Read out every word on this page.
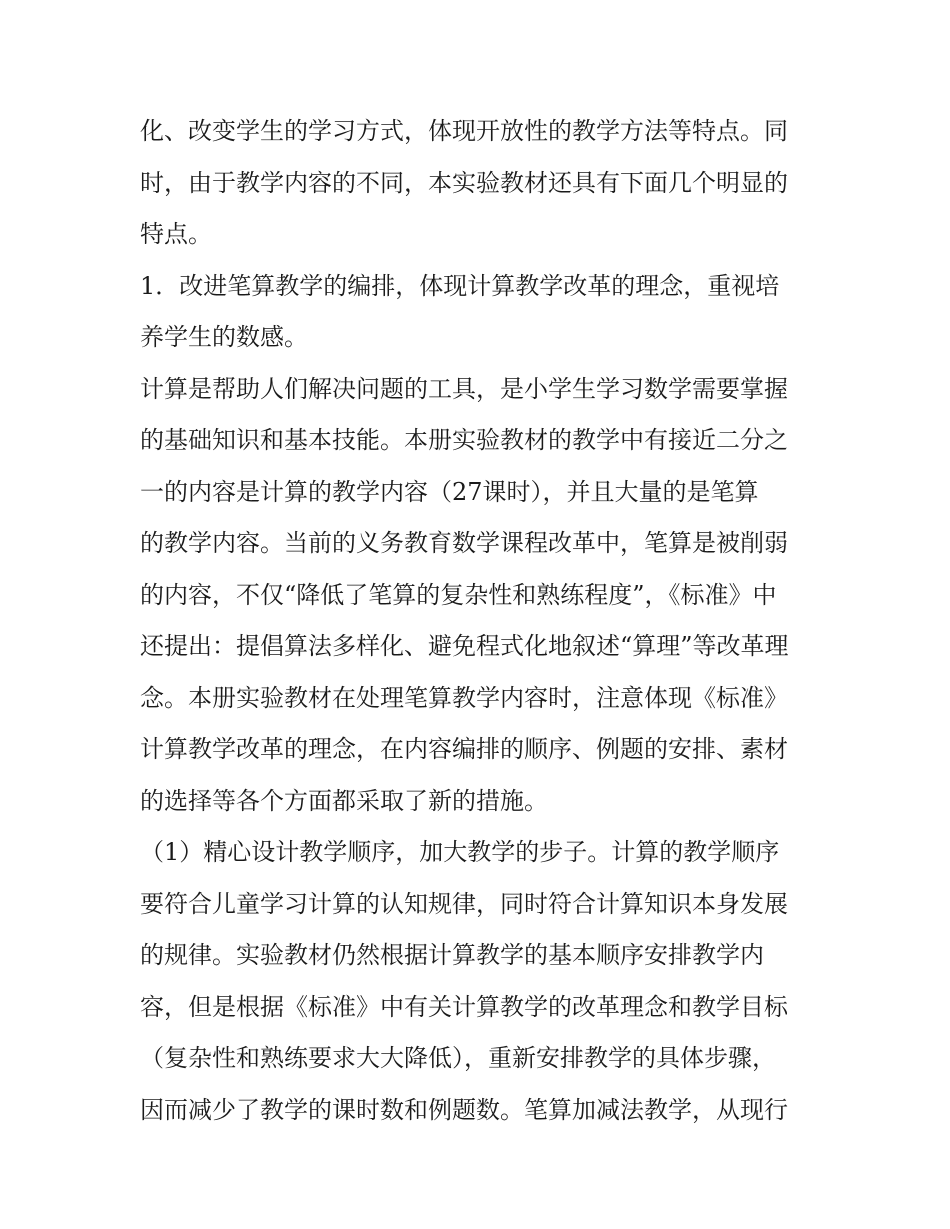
化、改变学生的学习方式，体现开放性的教学方法等特点。同
时，由于教学内容的不同，本实验教材还具有下面几个明显的
特点。
1．改进笔算教学的编排，体现计算教学改革的理念，重视培
养学生的数感。
计算是帮助人们解决问题的工具，是小学生学习数学需要掌握
的基础知识和基本技能。本册实验教材的教学中有接近二分之
一的内容是计算的教学内容（27课时），并且大量的是笔算
的教学内容。当前的义务教育数学课程改革中，笔算是被削弱
的内容，不仅“降低了笔算的复杂性和熟练程度”，《标准》中
还提出：提倡算法多样化、避免程式化地叙述“算理”等改革理
念。本册实验教材在处理笔算教学内容时，注意体现《标准》
计算教学改革的理念，在内容编排的顺序、例题的安排、素材
的选择等各个方面都采取了新的措施。
（1）精心设计教学顺序，加大教学的步子。计算的教学顺序
要符合儿童学习计算的认知规律，同时符合计算知识本身发展
的规律。实验教材仍然根据计算教学的基本顺序安排教学内
容，但是根据《标准》中有关计算教学的改革理念和教学目标
（复杂性和熟练要求大大降低），重新安排教学的具体步骤，
因而减少了教学的课时数和例题数。笔算加减法教学，从现行
